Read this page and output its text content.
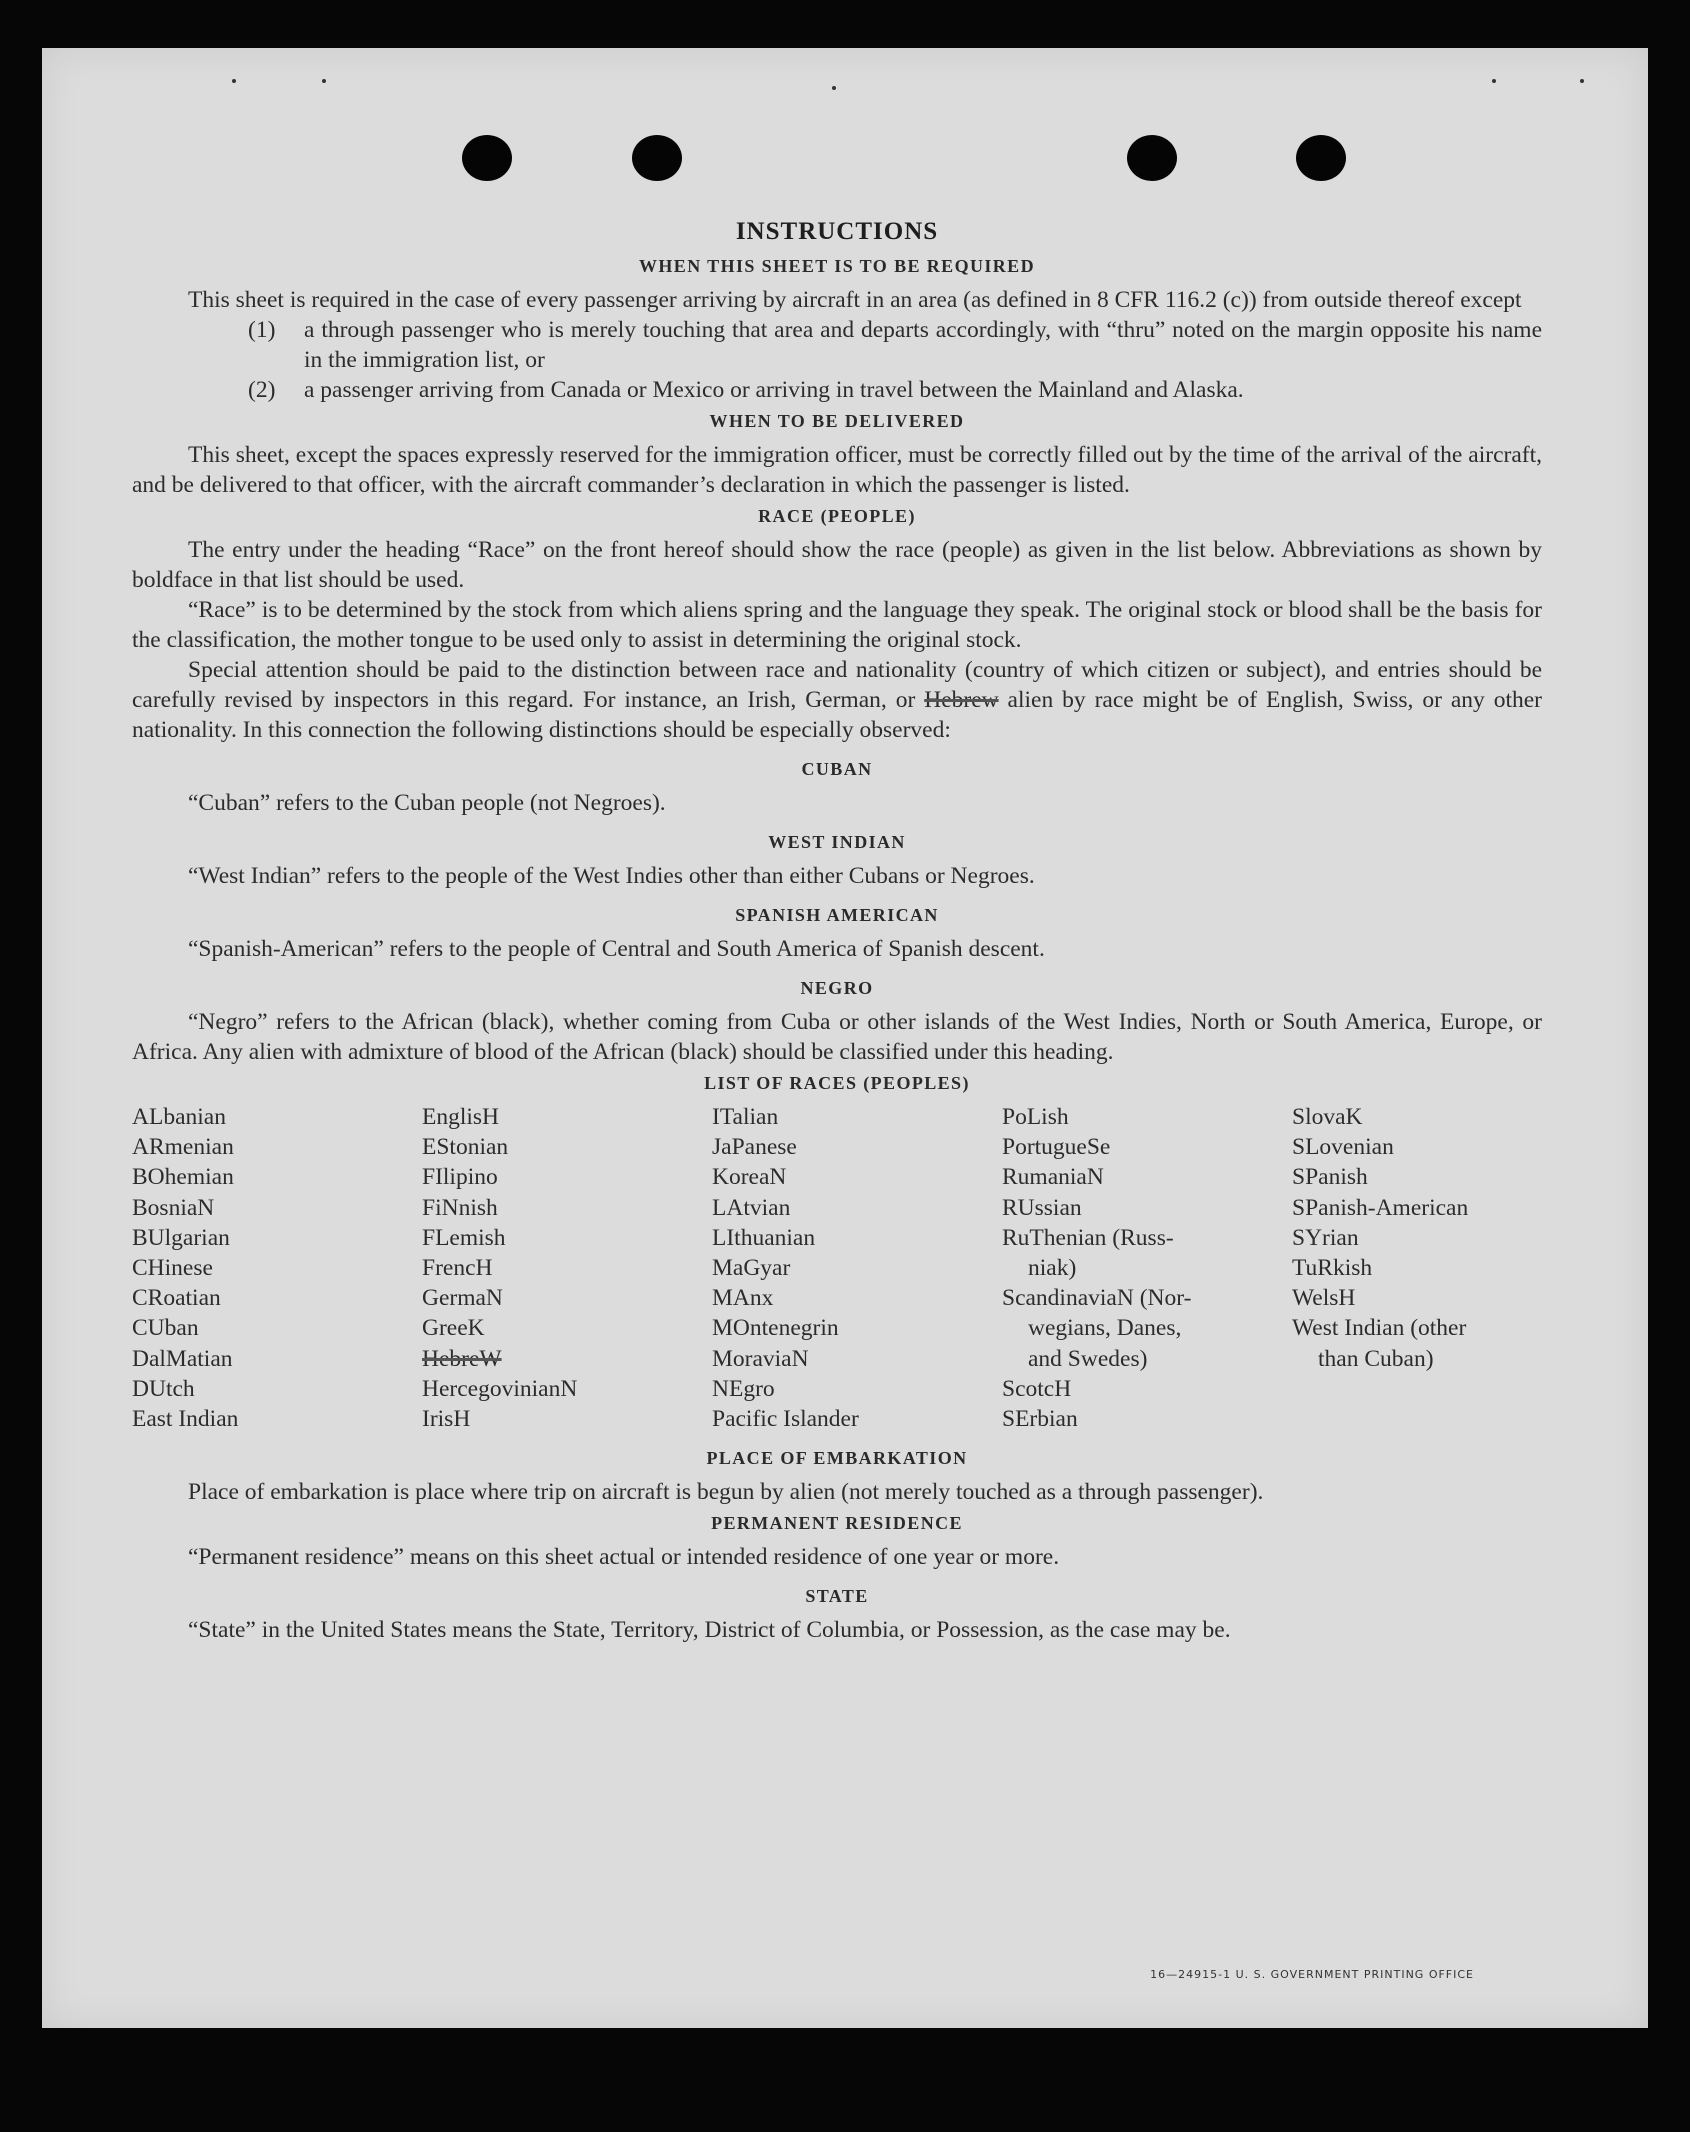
INSTRUCTIONS
WHEN THIS SHEET IS TO BE REQUIRED

This sheet is required in the case of every passenger arriving by aircraft in an area (as defined in 8 CFR 116.2 (c)) from outside thereof except

(1)	a through passenger who is merely touching that area and departs accordingly, with “thru” noted on the margin opposite his name in the immigration list, or
(2)	a passenger arriving from Canada or Mexico or arriving in travel between the Mainland and Alaska.
WHEN TO BE DELIVERED

This sheet, except the spaces expressly reserved for the immigration officer, must be correctly filled out by the time of the arrival of the aircraft, and be delivered to that officer, with the aircraft commander’s declaration in which the passenger is listed.

RACE (PEOPLE)

The entry under the heading “Race” on the front hereof should show the race (people) as given in the list below. Abbreviations as shown by boldface in that list should be used.

“Race” is to be determined by the stock from which aliens spring and the language they speak. The original stock or blood shall be the basis for the classification, the mother tongue to be used only to assist in determining the original stock.

Special attention should be paid to the distinction between race and nationality (country of which citizen or subject), and entries should be carefully revised by inspectors in this regard. For instance, an Irish, German, or Hebrew alien by race might be of English, Swiss, or any other nationality. In this connection the following distinctions should be especially observed:

CUBAN

“Cuban” refers to the Cuban people (not Negroes).

WEST INDIAN

“West Indian” refers to the people of the West Indies other than either Cubans or Negroes.

SPANISH AMERICAN

“Spanish-American” refers to the people of Central and South America of Spanish descent.

NEGRO

“Negro” refers to the African (black), whether coming from Cuba or other islands of the West Indies, North or South America, Europe, or Africa. Any alien with admixture of blood of the African (black) should be classified under this heading.

LIST OF RACES (PEOPLES)
ALbanian
ARmenian
BOhemian
BosniaN
BUlgarian
CHinese
CRoatian
CUban
DalMatian
DUtch
East Indian
EnglisH
EStonian
FIlipino
FiNnish
FLemish
FrencH
GermaN
GreeK
HebreW
HercegovinianN
IrisH
ITalian
JaPanese
KoreaN
LAtvian
LIthuanian
MaGyar
MAnx
MOntenegrin
MoraviaN
NEgro
Pacific Islander
PoLish
PortugueSe
RumaniaN
RUssian
RuThenian (Russ-
niak)
ScandinaviaN (Nor-
wegians, Danes,
and Swedes)
ScotcH
SErbian
SlovaK
SLovenian
SPanish
SPanish-American
SYrian
TuRkish
WelsH
West Indian (other
than Cuban)
PLACE OF EMBARKATION

Place of embarkation is place where trip on aircraft is begun by alien (not merely touched as a through passenger).

PERMANENT RESIDENCE

“Permanent residence” means on this sheet actual or intended residence of one year or more.

STATE

“State” in the United States means the State, Territory, District of Columbia, or Possession, as the case may be.

16—24915-1 U. S. GOVERNMENT PRINTING OFFICE
